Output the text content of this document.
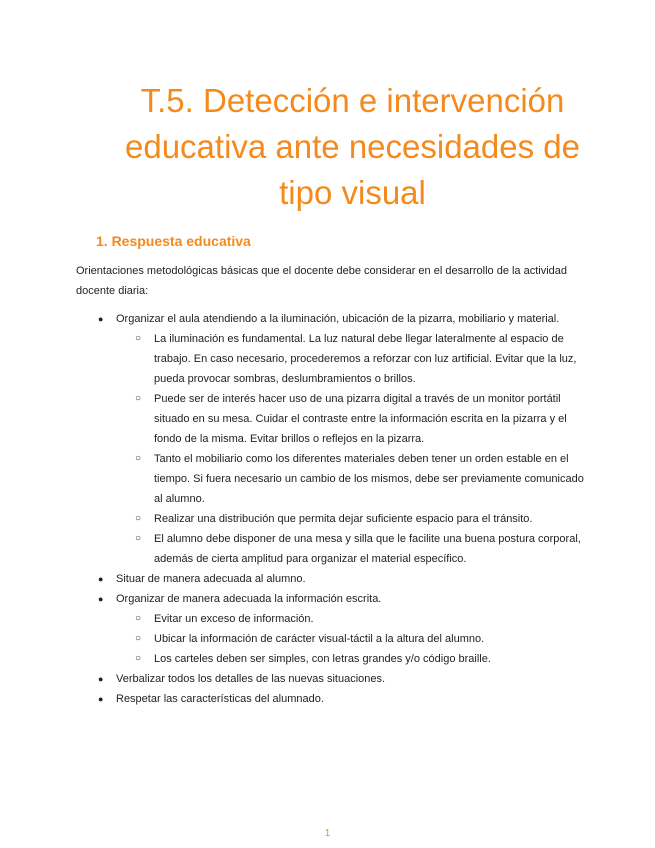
T.5. Detección e intervención
educativa ante necesidades de
tipo visual
1. Respuesta educativa

Orientaciones metodológicas básicas que el docente debe considerar en el desarrollo de la actividad docente diaria:

● Organizar el aula atendiendo a la iluminación, ubicación de la pizarra, mobiliario y material.
○ La iluminación es fundamental. La luz natural debe llegar lateralmente al espacio de trabajo. En caso necesario, procederemos a reforzar con luz artificial. Evitar que la luz, pueda provocar sombras, deslumbramientos o brillos.
○ Puede ser de interés hacer uso de una pizarra digital a través de un monitor portátil situado en su mesa. Cuidar el contraste entre la información escrita en la pizarra y el fondo de la misma. Evitar brillos o reflejos en la pizarra.
○ Tanto el mobiliario como los diferentes materiales deben tener un orden estable en el tiempo. Si fuera necesario un cambio de los mismos, debe ser previamente comunicado al alumno.
○ Realizar una distribución que permita dejar suficiente espacio para el tránsito.
○ El alumno debe disponer de una mesa y silla que le facilite una buena postura corporal, además de cierta amplitud para organizar el material específico.
● Situar de manera adecuada al alumno.
● Organizar de manera adecuada la información escrita.
○ Evitar un exceso de información.
○ Ubicar la información de carácter visual-táctil a la altura del alumno.
○ Los carteles deben ser simples, con letras grandes y/o código braille.
● Verbalizar todos los detalles de las nuevas situaciones.
● Respetar las características del alumnado.
1
